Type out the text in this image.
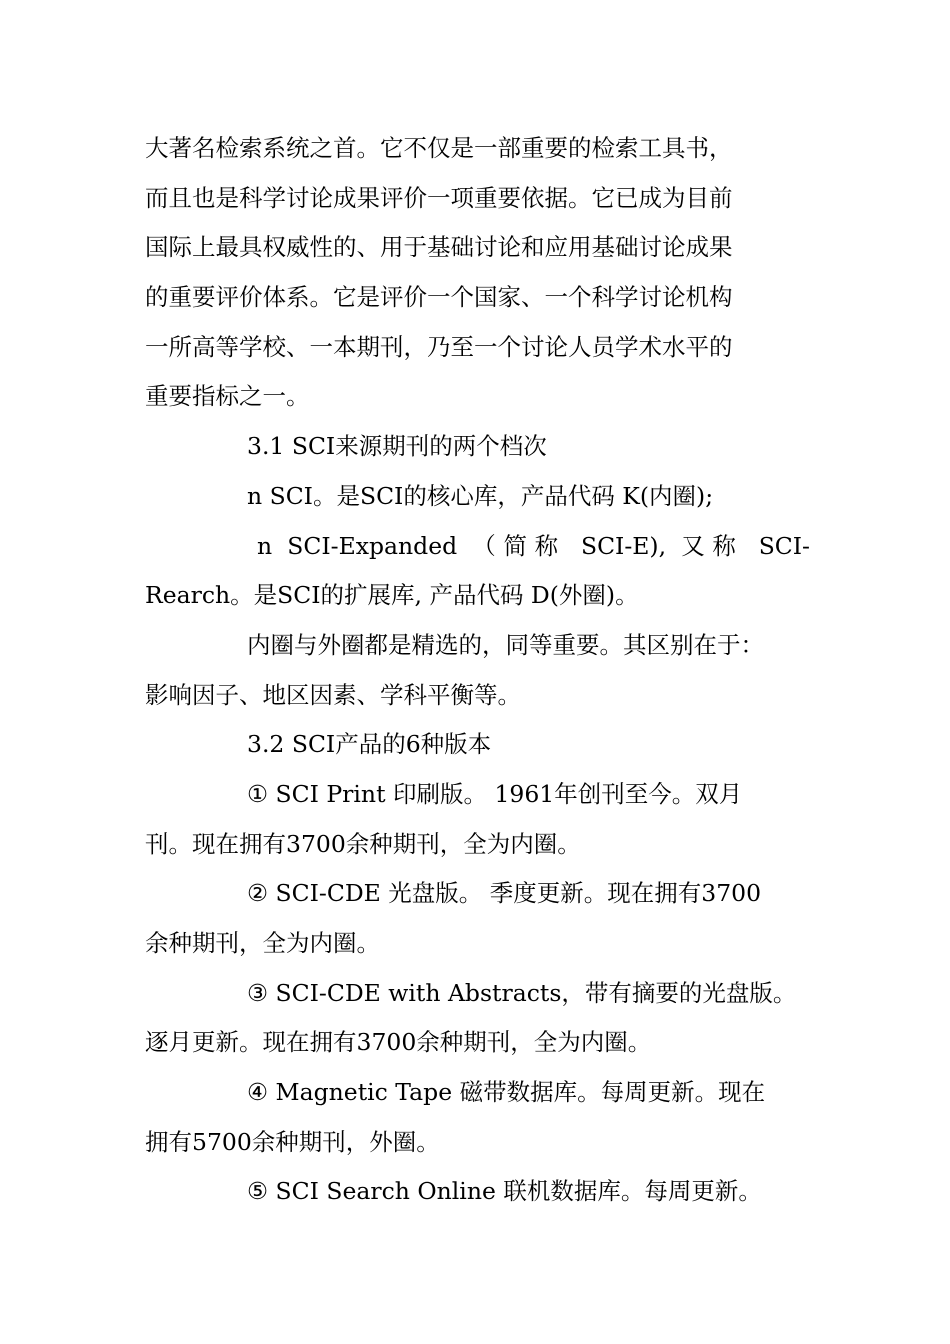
大著名检索系统之首。它不仅是一部重要的检索工具书，
而且也是科学讨论成果评价一项重要依据。它已成为目前
国际上最具权威性的、用于基础讨论和应用基础讨论成果
的重要评价体系。它是评价一个国家、一个科学讨论机构
一所高等学校、一本期刊，乃至一个讨论人员学术水平的
重要指标之一。
3.1 SCI来源期刊的两个档次
n SCI。是SCI的核心库，产品代码 K(内圈);
n SCI-Expanded （简称 SCI-E), 又称 SCI-
Rearch。是SCI的扩展库, 产品代码 D(外圈)。
内圈与外圈都是精选的，同等重要。其区别在于：
影响因子、地区因素、学科平衡等。
3.2 SCI产品的6种版本
① SCI Print 印刷版。 1961年创刊至今。双月
刊。现在拥有3700余种期刊，全为内圈。
② SCI-CDE 光盘版。 季度更新。现在拥有3700
余种期刊，全为内圈。
③ SCI-CDE with Abstracts，带有摘要的光盘版。
逐月更新。现在拥有3700余种期刊，全为内圈。
④ Magnetic Tape 磁带数据库。每周更新。现在
拥有5700余种期刊，外圈。
⑤ SCI Search Online 联机数据库。每周更新。
